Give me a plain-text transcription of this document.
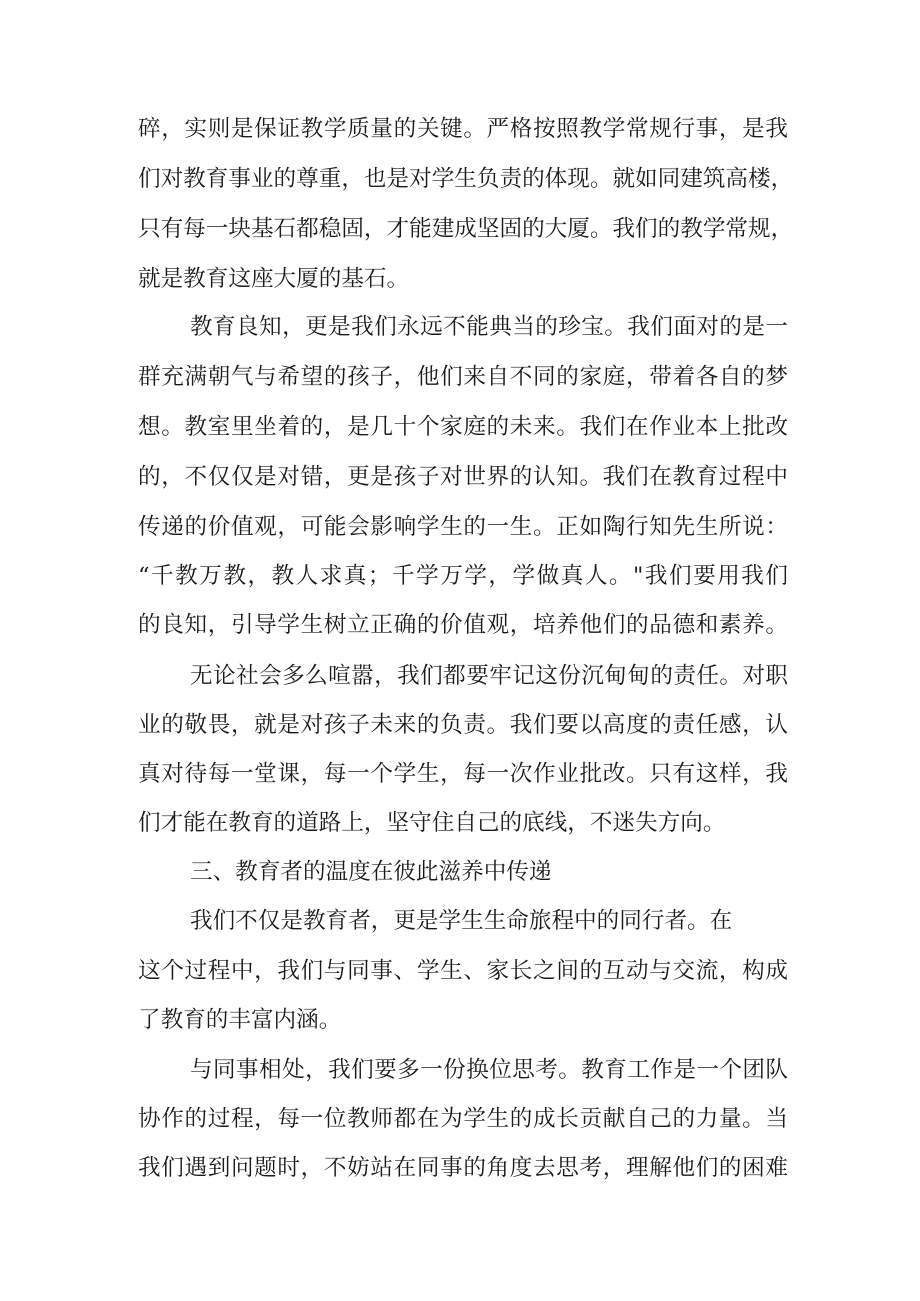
碎，实则是保证教学质量的关键。严格按照教学常规行事，是我
们对教育事业的尊重，也是对学生负责的体现。就如同建筑高楼，
只有每一块基石都稳固，才能建成坚固的大厦。我们的教学常规，
就是教育这座大厦的基石。
教育良知，更是我们永远不能典当的珍宝。我们面对的是一
群充满朝气与希望的孩子，他们来自不同的家庭，带着各自的梦
想。教室里坐着的，是几十个家庭的未来。我们在作业本上批改
的，不仅仅是对错，更是孩子对世界的认知。我们在教育过程中
传递的价值观，可能会影响学生的一生。正如陶行知先生所说：
“千教万教，教人求真；千学万学，学做真人。"我们要用我们
的良知，引导学生树立正确的价值观，培养他们的品德和素养。
无论社会多么喧嚣，我们都要牢记这份沉甸甸的责任。对职
业的敬畏，就是对孩子未来的负责。我们要以高度的责任感，认
真对待每一堂课，每一个学生，每一次作业批改。只有这样，我
们才能在教育的道路上，坚守住自己的底线，不迷失方向。
三、教育者的温度在彼此滋养中传递
我们不仅是教育者，更是学生生命旅程中的同行者。在
这个过程中，我们与同事、学生、家长之间的互动与交流，构成
了教育的丰富内涵。
与同事相处，我们要多一份换位思考。教育工作是一个团队
协作的过程，每一位教师都在为学生的成长贡献自己的力量。当
我们遇到问题时，不妨站在同事的角度去思考，理解他们的困难
